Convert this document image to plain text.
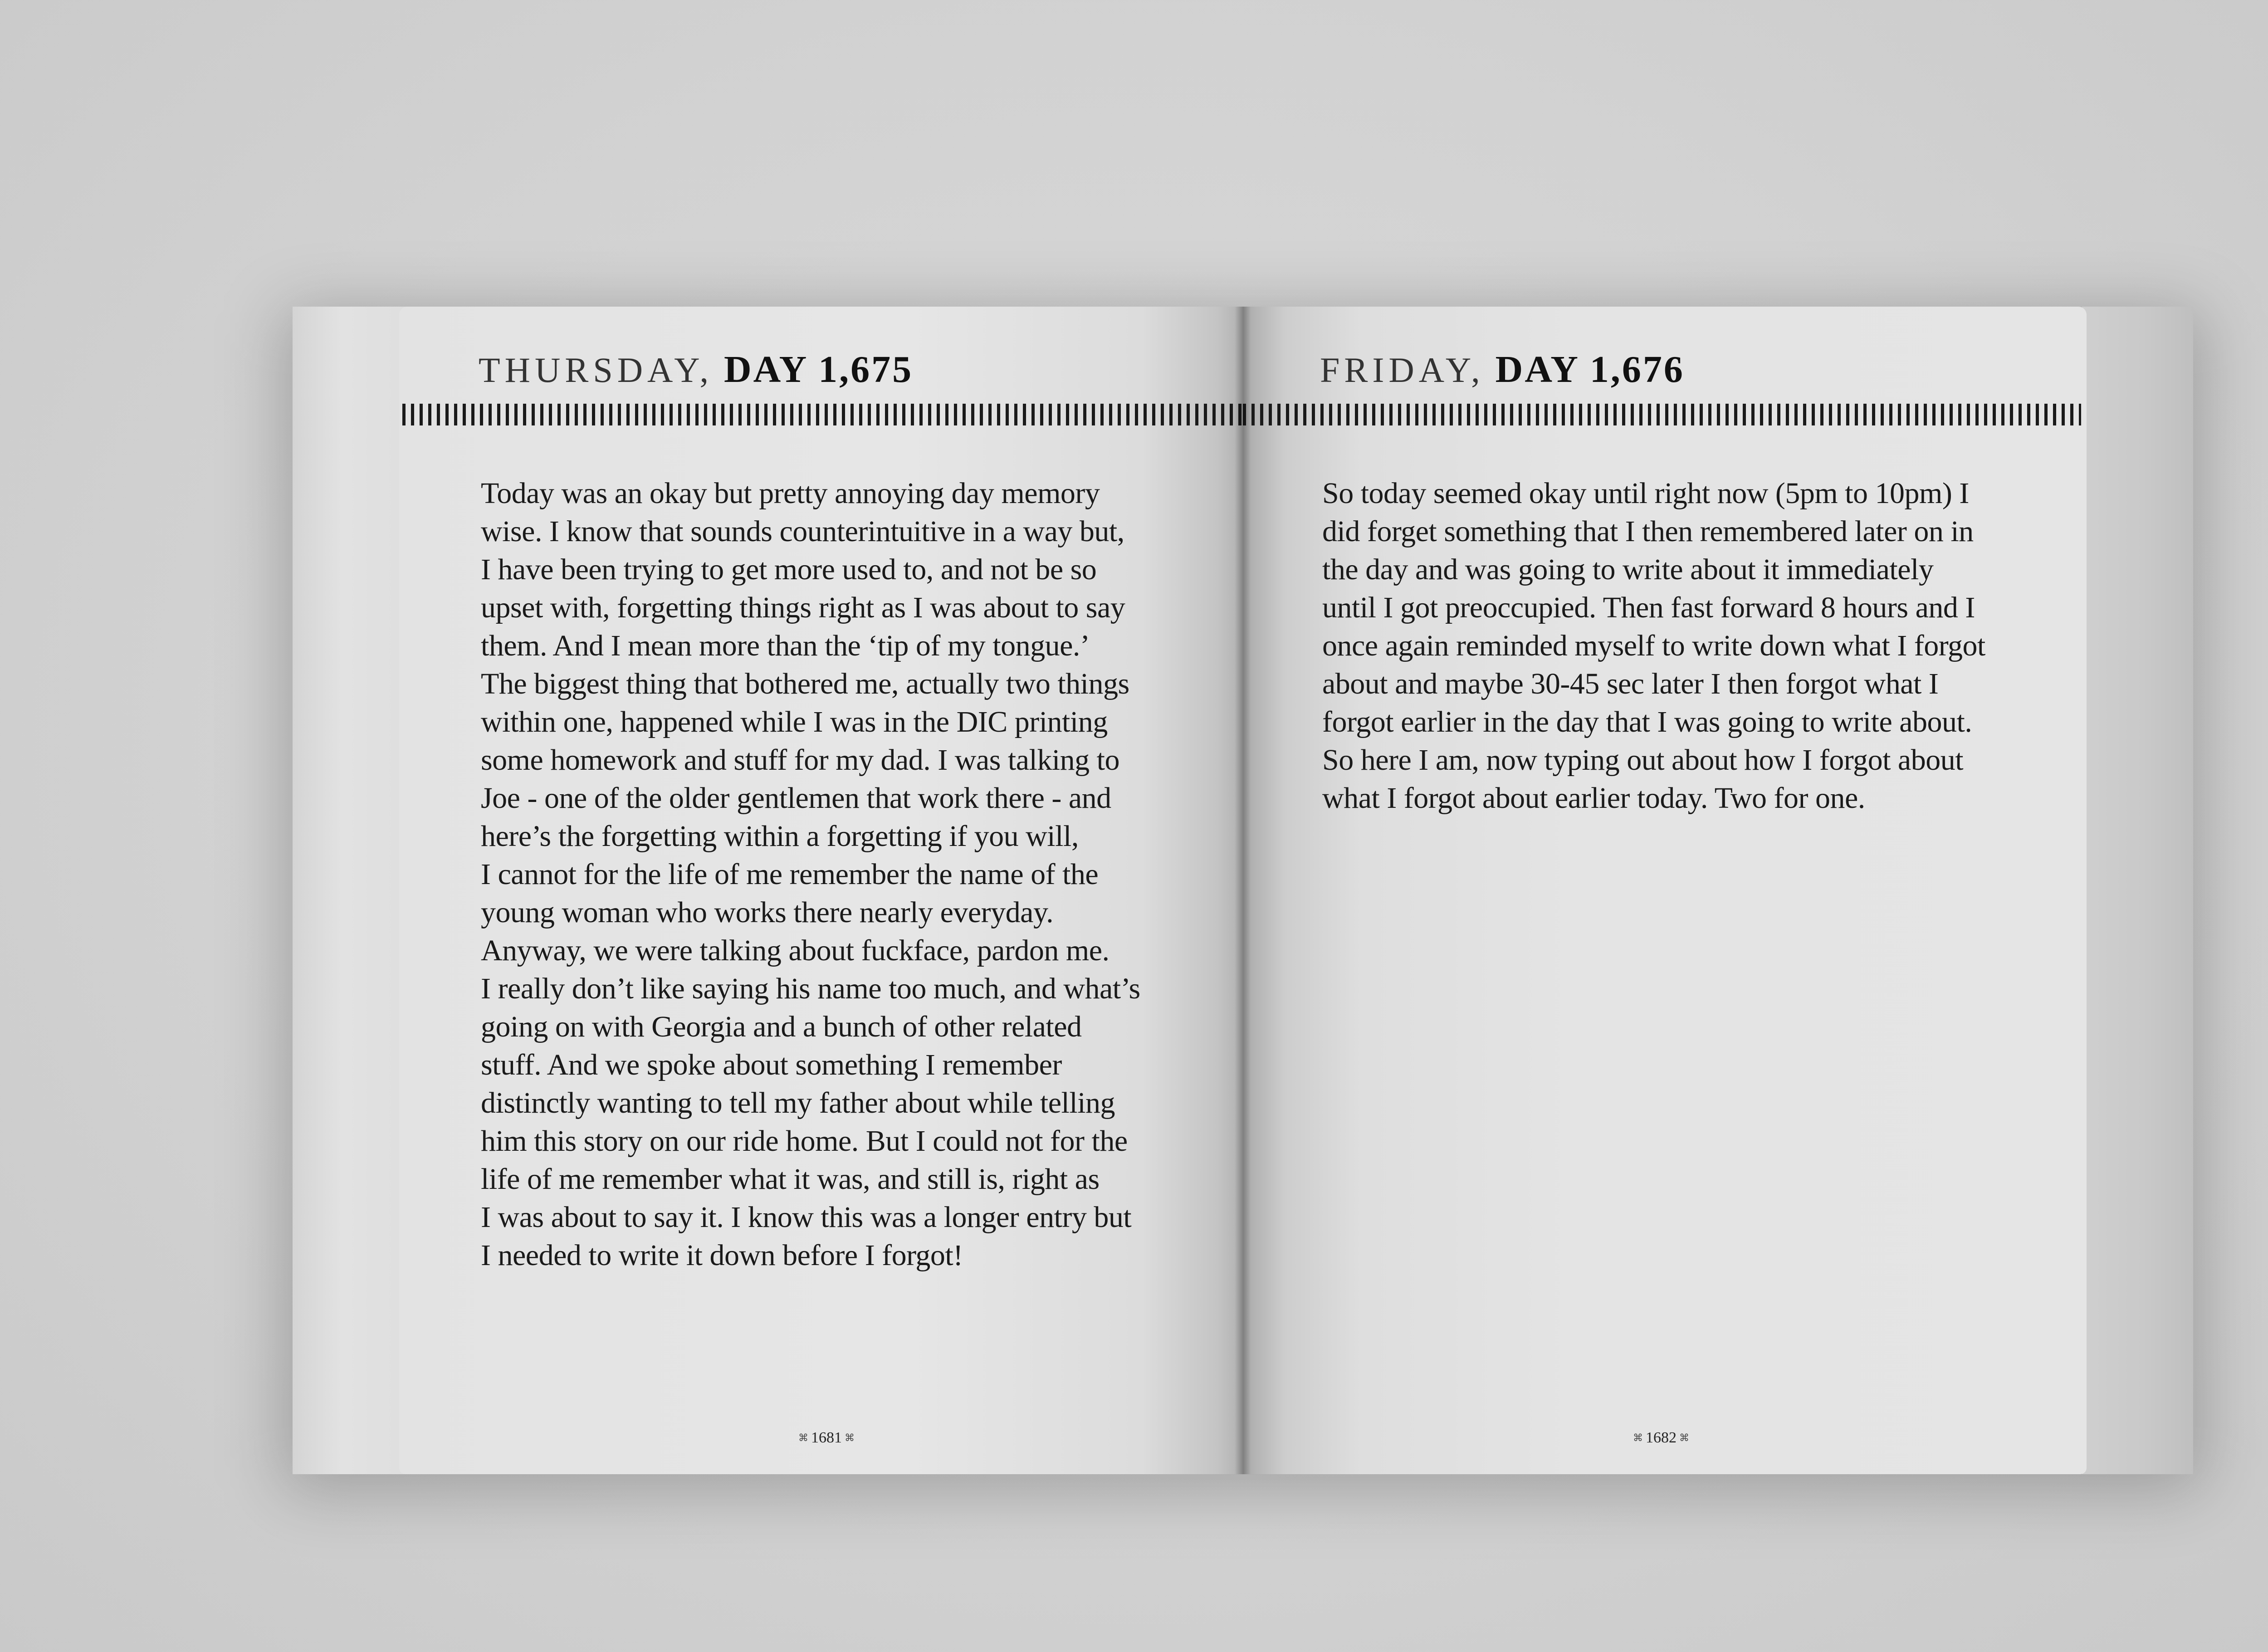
THURSDAY, DAY 1,675
Today was an okay but pretty annoying day memory
wise. I know that sounds counterintuitive in a way but,
I have been trying to get more used to, and not be so
upset with, forgetting things right as I was about to say
them. And I mean more than the ‘tip of my tongue.’
The biggest thing that bothered me, actually two things
within one, happened while I was in the DIC printing
some homework and stuff for my dad. I was talking to
Joe - one of the older gentlemen that work there - and
here’s the forgetting within a forgetting if you will,
I cannot for the life of me remember the name of the
young woman who works there nearly everyday.
Anyway, we were talking about fuckface, pardon me.
I really don’t like saying his name too much, and what’s
going on with Georgia and a bunch of other related
stuff. And we spoke about something I remember
distinctly wanting to tell my father about while telling
him this story on our ride home. But I could not for the
life of me remember what it was, and still is, right as
I was about to say it. I know this was a longer entry but
I needed to write it down before I forgot!
⌘ 1681 ⌘
FRIDAY, DAY 1,676
So today seemed okay until right now (5pm to 10pm) I
did forget something that I then remembered later on in
the day and was going to write about it immediately
until I got preoccupied. Then fast forward 8 hours and I
once again reminded myself to write down what I forgot
about and maybe 30-45 sec later I then forgot what I
forgot earlier in the day that I was going to write about.
So here I am, now typing out about how I forgot about
what I forgot about earlier today. Two for one.
⌘ 1682 ⌘
